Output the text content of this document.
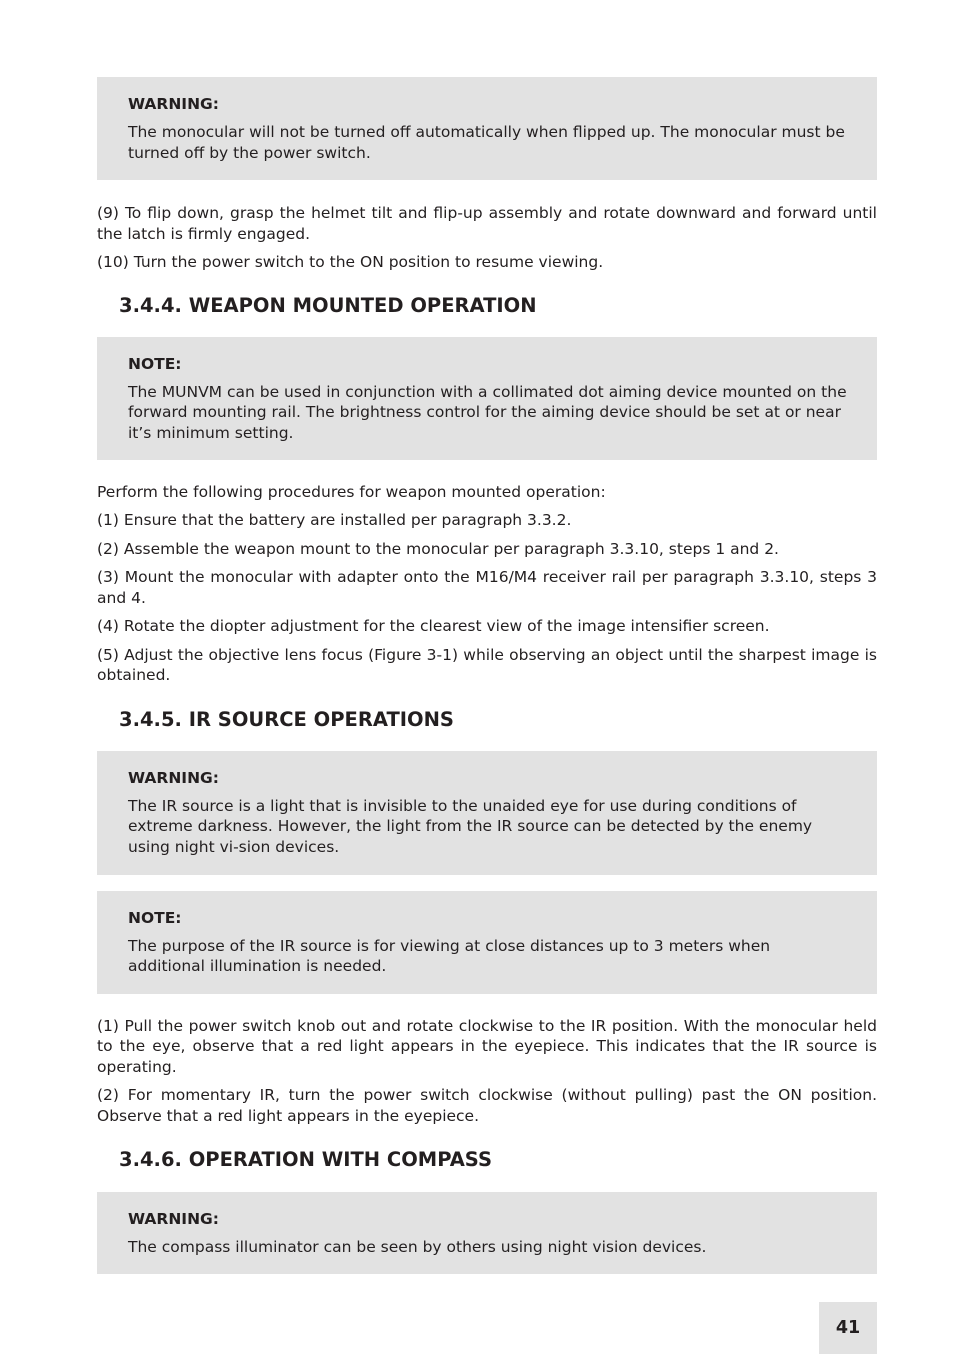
WARNING:

The monocular will not be turned off automatically when flipped up. The monocular must be turned off by the power switch.

(9) To flip down, grasp the helmet tilt and flip-up assembly and rotate downward and forward until the latch is firmly engaged.

(10) Turn the power switch to the ON position to resume viewing.

3.4.4. WEAPON MOUNTED OPERATION

NOTE:

The MUNVM can be used in conjunction with a collimated dot aiming device mounted on the forward mounting rail. The brightness control for the aiming device should be set at or near it’s minimum setting.

Perform the following procedures for weapon mounted operation:

(1) Ensure that the battery are installed per paragraph 3.3.2.

(2) Assemble the weapon mount to the monocular per paragraph 3.3.10, steps 1 and 2.

(3) Mount the monocular with adapter onto the M16/M4 receiver rail per paragraph 3.3.10, steps 3 and 4.

(4) Rotate the diopter adjustment for the clearest view of the image intensifier screen.

(5) Adjust the objective lens focus (Figure 3-1) while observing an object until the sharpest image is obtained.

3.4.5. IR SOURCE OPERATIONS

WARNING:

The IR source is a light that is invisible to the unaided eye for use during conditions of extreme darkness. However, the light from the IR source can be detected by the enemy using night vi-sion devices.

NOTE:

The purpose of the IR source is for viewing at close distances up to 3 meters when additional illumination is needed.

(1) Pull the power switch knob out and rotate clockwise to the IR position. With the monocular held to the eye, observe that a red light appears in the eyepiece. This indicates that the IR source is operating.

(2) For momentary IR, turn the power switch clockwise (without pulling) past the ON position. Observe that a red light appears in the eyepiece.

3.4.6. OPERATION WITH COMPASS

WARNING:

The compass illuminator can be seen by others using night vision devices.

41
